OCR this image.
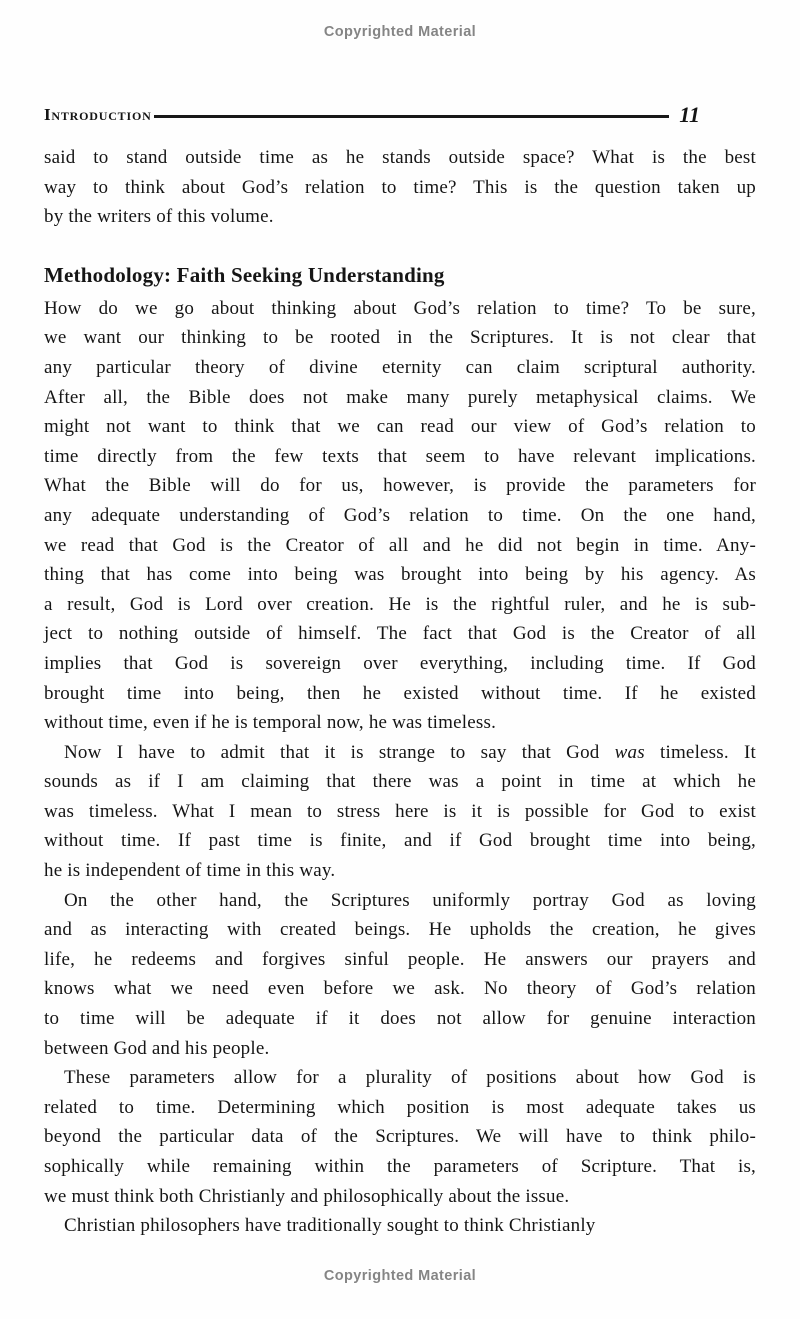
Copyrighted Material
Introduction	11
said to stand outside time as he stands outside space? What is the best
way to think about God’s relation to time? This is the question taken up
by the writers of this volume.
Methodology: Faith Seeking Understanding
How do we go about thinking about God’s relation to time? To be sure,
we want our thinking to be rooted in the Scriptures. It is not clear that
any particular theory of divine eternity can claim scriptural authority.
After all, the Bible does not make many purely metaphysical claims. We
might not want to think that we can read our view of God’s relation to
time directly from the few texts that seem to have relevant implications.
What the Bible will do for us, however, is provide the parameters for
any adequate understanding of God’s relation to time. On the one hand,
we read that God is the Creator of all and he did not begin in time. Any-
thing that has come into being was brought into being by his agency. As
a result, God is Lord over creation. He is the rightful ruler, and he is sub-
ject to nothing outside of himself. The fact that God is the Creator of all
implies that God is sovereign over everything, including time. If God
brought time into being, then he existed without time. If he existed
without time, even if he is temporal now, he was timeless.
Now I have to admit that it is strange to say that God was timeless. It
sounds as if I am claiming that there was a point in time at which he
was timeless. What I mean to stress here is it is possible for God to exist
without time. If past time is finite, and if God brought time into being,
he is independent of time in this way.
On the other hand, the Scriptures uniformly portray God as loving
and as interacting with created beings. He upholds the creation, he gives
life, he redeems and forgives sinful people. He answers our prayers and
knows what we need even before we ask. No theory of God’s relation
to time will be adequate if it does not allow for genuine interaction
between God and his people.
These parameters allow for a plurality of positions about how God is
related to time. Determining which position is most adequate takes us
beyond the particular data of the Scriptures. We will have to think philo-
sophically while remaining within the parameters of Scripture. That is,
we must think both Christianly and philosophically about the issue.
Christian philosophers have traditionally sought to think Christianly
Copyrighted Material
